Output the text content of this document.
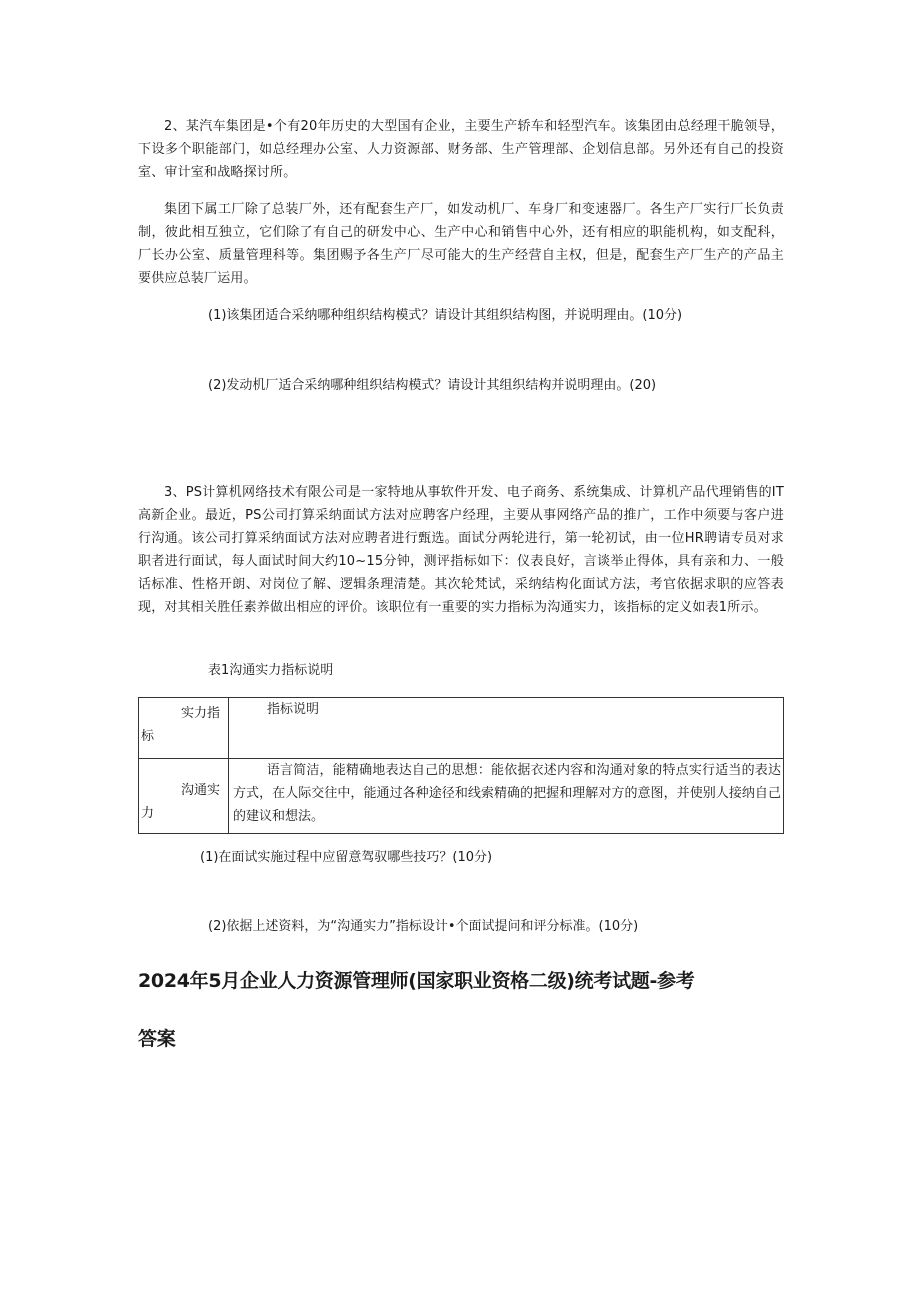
2、某汽车集团是•个有20年历史的大型国有企业，主要生产轿车和轻型汽车。该集团由总经理干脆领导，下设多个职能部门，如总经理办公室、人力资源部、财务部、生产管理部、企划信息部。另外还有自己的投资室、审计室和战略探讨所。

集团下属工厂除了总装厂外，还有配套生产厂，如发动机厂、车身厂和变速器厂。各生产厂实行厂长负责制，彼此相互独立，它们除了有自己的研发中心、生产中心和销售中心外，还有相应的职能机构，如支配科，厂长办公室、质量管理科等。集团赐予各生产厂尽可能大的生产经营自主权，但是，配套生产厂生产的产品主要供应总装厂运用。

(1)该集团适合采纳哪种组织结构模式？请设计其组织结构图，并说明理由。(10分)

(2)发动机厂适合采纳哪种组织结构模式？请设计其组织结构并说明理由。(20)

3、PS计算机网络技术有限公司是一家特地从事软件开发、电子商务、系统集成、计算机产品代理销售的IT高新企业。最近，PS公司打算采纳面试方法对应聘客户经理，主要从事网络产品的推广，工作中须要与客户进行沟通。该公司打算采纳面试方法对应聘者进行甄选。面试分两轮进行，第一轮初试，由一位HR聘请专员对求职者进行面试，每人面试时间大约10~15分钟，测评指标如下：仪表良好，言谈举止得体，具有亲和力、一般话标准、性格开朗、对岗位了解、逻辑条理清楚。其次轮梵试，采纳结构化面试方法，考官依据求职的应答表现，对其相关胜任素养做出相应的评价。该职位有一重要的实力指标为沟通实力，该指标的定义如表1所示。

表1沟通实力指标说明
实力指
标	指标说明

沟通实
力	语言简洁，能精确地表达自己的思想：能依据衣述内容和沟通对象的特点实行适当的表达方式，在人际交往中，能通过各种途径和线索精确的把握和理解对方的意图，并使别人接纳自己的建议和想法。

(1)在面试实施过程中应留意驾驭哪些技巧？(10分)

(2)依据上述资料，为“沟通实力”指标设计•个面试提问和评分标准。(10分)

2024年5月企业人力资源管理师(国家职业资格二级)统考试题-参考
答案
